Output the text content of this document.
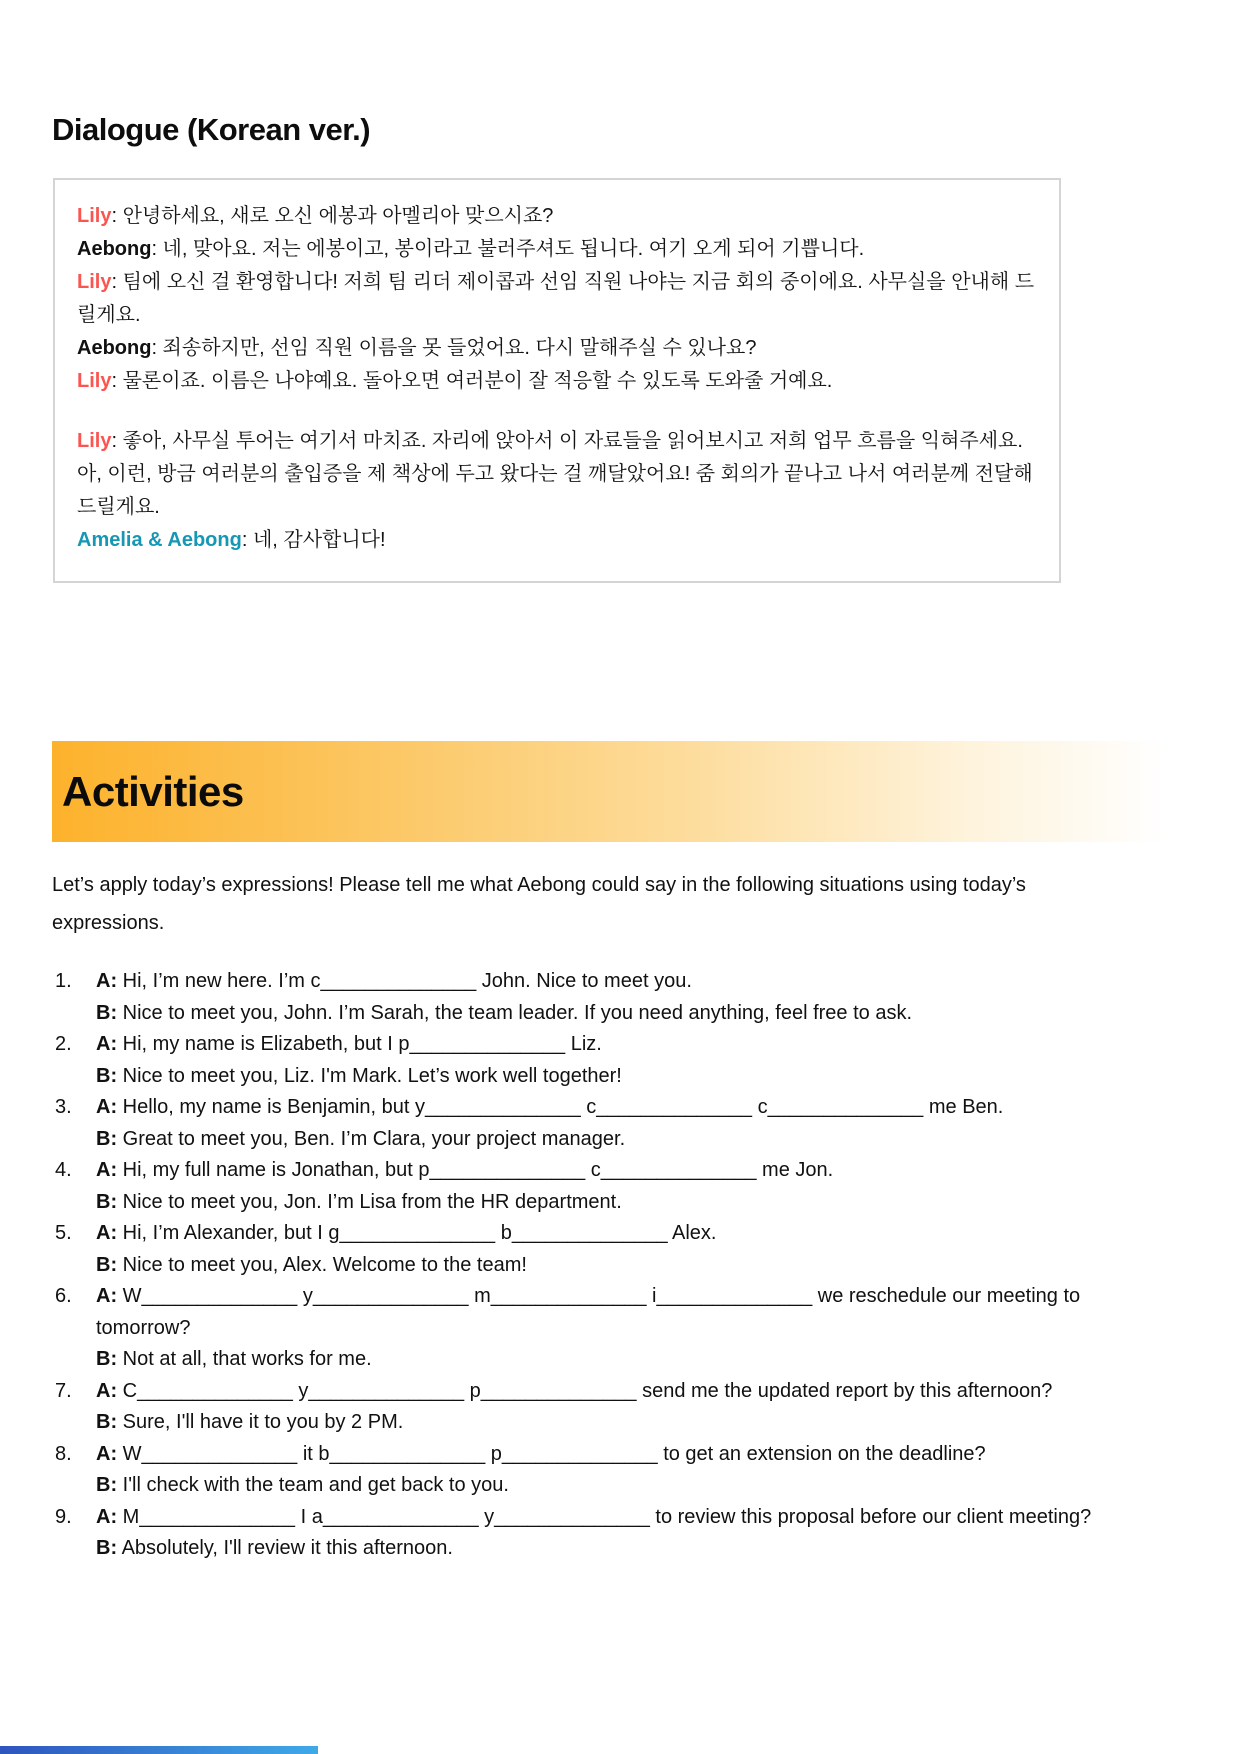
Dialogue (Korean ver.)

Lily: 안녕하세요, 새로 오신 에봉과 아멜리아 맞으시죠?

Aebong: 네, 맞아요. 저는 에봉이고, 봉이라고 불러주셔도 됩니다. 여기 오게 되어 기쁩니다.

Lily: 팀에 오신 걸 환영합니다! 저희 팀 리더 제이콥과 선임 직원 나야는 지금 회의 중이에요. 사무실을 안내해 드릴게요.

Aebong: 죄송하지만, 선임 직원 이름을 못 들었어요. 다시 말해주실 수 있나요?

Lily: 물론이죠. 이름은 나야예요. 돌아오면 여러분이 잘 적응할 수 있도록 도와줄 거예요.

Lily: 좋아, 사무실 투어는 여기서 마치죠. 자리에 앉아서 이 자료들을 읽어보시고 저희 업무 흐름을 익혀주세요. 아, 이런, 방금 여러분의 출입증을 제 책상에 두고 왔다는 걸 깨달았어요! 줌 회의가 끝나고 나서 여러분께 전달해드릴게요.

Amelia & Aebong: 네, 감사합니다!

Activities

Let’s apply today’s expressions! Please tell me what Aebong could say in the following situations using today’s expressions.

1.	A: Hi, I’m new here. I’m c______________ John. Nice to meet you.
B: Nice to meet you, John. I’m Sarah, the team leader. If you need anything, feel free to ask.
2.	A: Hi, my name is Elizabeth, but I p______________ Liz.
B: Nice to meet you, Liz. I'm Mark. Let’s work well together!
3.	A: Hello, my name is Benjamin, but y______________ c______________ c______________ me Ben.
B: Great to meet you, Ben. I’m Clara, your project manager.
4.	A: Hi, my full name is Jonathan, but p______________ c______________ me Jon.
B: Nice to meet you, Jon. I’m Lisa from the HR department.
5.	A: Hi, I’m Alexander, but I g______________ b______________ Alex.
B: Nice to meet you, Alex. Welcome to the team!
6.	A: W______________ y______________ m______________ i______________ we reschedule our meeting to
tomorrow?
B: Not at all, that works for me.
7.	A: C______________ y______________ p______________ send me the updated report by this afternoon?
B: Sure, I'll have it to you by 2 PM.
8.	A: W______________ it b______________ p______________ to get an extension on the deadline?
B: I'll check with the team and get back to you.
9.	A: M______________ I a______________ y______________ to review this proposal before our client meeting?
B: Absolutely, I'll review it this afternoon.
